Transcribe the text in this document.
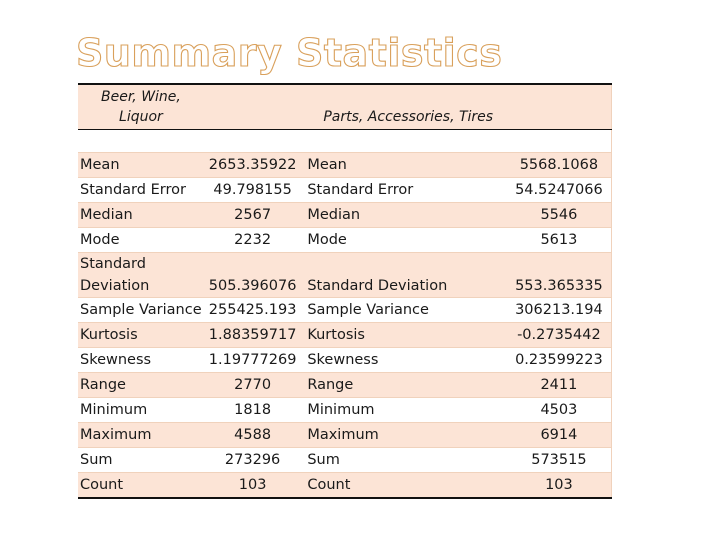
Summary Statistics
Beer, Wine,
Liquor		Parts, Accessories, Tires	

Mean	2653.35922	Mean	5568.1068
Standard Error	49.798155	Standard Error	54.5247066
Median	2567	Median	5546
Mode	2232	Mode	5613

Standard
Deviation	505.396076	Standard Deviation	553.365335
Sample Variance	255425.193	Sample Variance	306213.194
Kurtosis	1.88359717	Kurtosis	-0.2735442
Skewness	1.19777269	Skewness	0.23599223
Range	2770	Range	2411
Minimum	1818	Minimum	4503
Maximum	4588	Maximum	6914
Sum	273296	Sum	573515
Count	103	Count	103
